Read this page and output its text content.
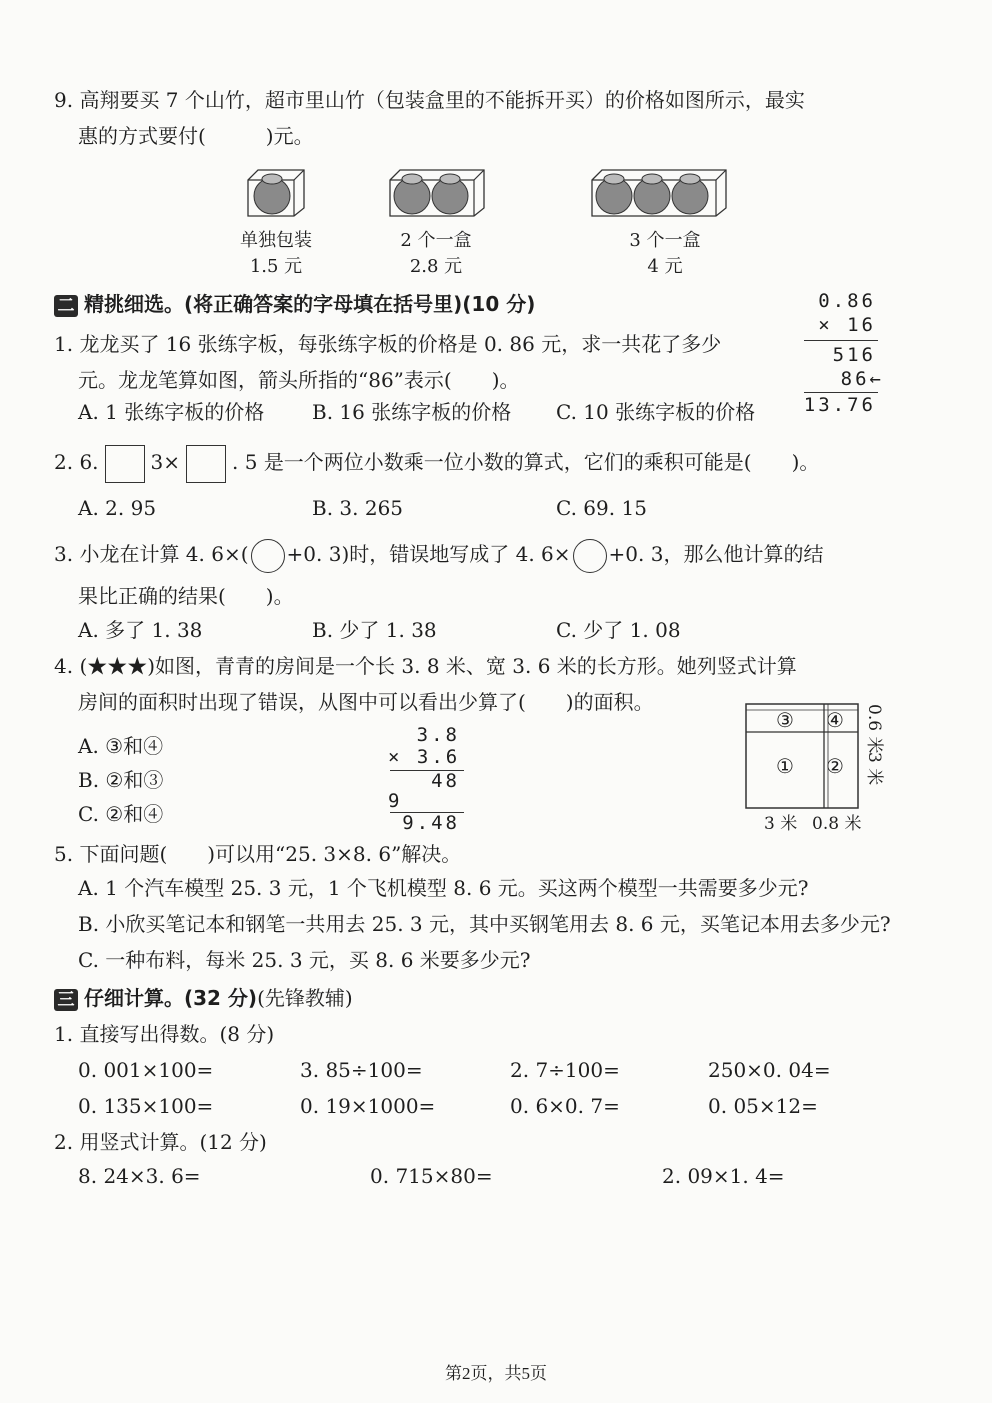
9. 高翔要买 7 个山竹，超市里山竹（包装盒里的不能拆开买）的价格如图所示，最实
惠的方式要付(　　　)元。
单独包装
1.5 元
2 个一盒
2.8 元
3 个一盒
4 元
二 精挑细选。(将正确答案的字母填在括号里)(10 分)
1. 龙龙买了 16 张练字板，每张练字板的价格是 0. 86 元，求一共花了多少
元。龙龙笔算如图，箭头所指的“86”表示(　　)。
A. 1 张练字板的价格 B. 16 张练字板的价格 C. 10 张练字板的价格
0.86
× 16
516
86←
13.76
2. 6.	3×	. 5 是一个两位小数乘一位小数的算式，它们的乘积可能是(　　)。
A. 2. 95	B. 3. 265	C. 69. 15
3. 小龙在计算 4. 6×( +0. 3)时，错误地写成了 4. 6× +0. 3，那么他计算的结
果比正确的结果(　　)。
A. 多了 1. 38	B. 少了 1. 38	C. 少了 1. 08
4. (★★★)如图，青青的房间是一个长 3. 8 米、宽 3. 6 米的长方形。她列竖式计算
房间的面积时出现了错误，从图中可以看出少算了(　　)的面积。
A. ③和④
B. ②和③
C. ②和④
3.8
× 3.6
48
9
9.48
③ ④
① ②
0.6 米
3 米
3 米 0.8 米
5. 下面问题(　　)可以用“25. 3×8. 6”解决。
A. 1 个汽车模型 25. 3 元，1 个飞机模型 8. 6 元。买这两个模型一共需要多少元?
B. 小欣买笔记本和钢笔一共用去 25. 3 元，其中买钢笔用去 8. 6 元，买笔记本用去多少元?
C. 一种布料，每米 25. 3 元，买 8. 6 米要多少元?
三 仔细计算。(32 分)(先锋教辅)
1. 直接写出得数。(8 分)
0. 001×100=	3. 85÷100=	2. 7÷100=	250×0. 04=
0. 135×100=	0. 19×1000=	0. 6×0. 7=	0. 05×12=
2. 用竖式计算。(12 分)
8. 24×3. 6=	0. 715×80=	2. 09×1. 4=
第2页，共5页
